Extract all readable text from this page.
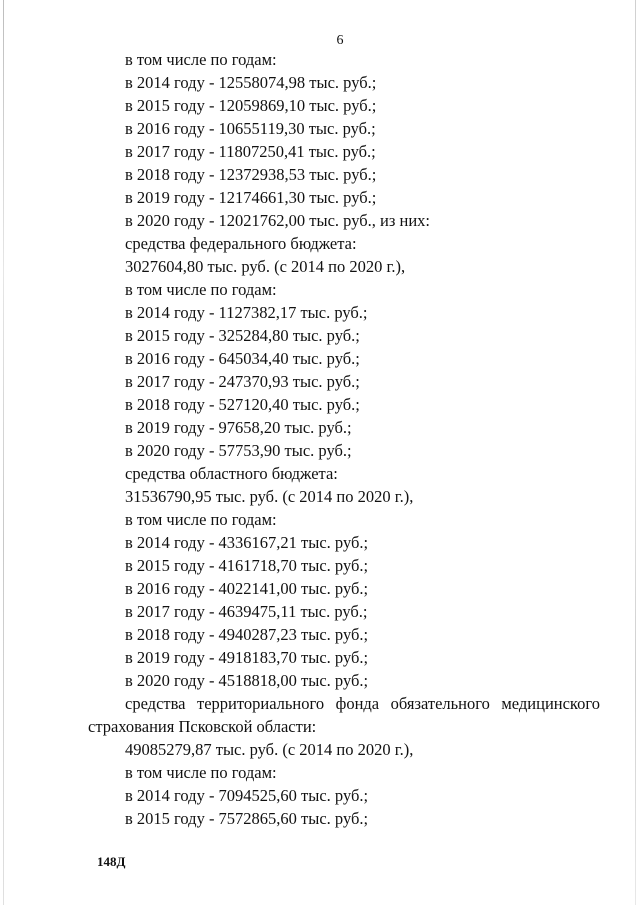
6
в том числе по годам:
в 2014 году - 12558074,98 тыс. руб.;
в 2015 году - 12059869,10 тыс. руб.;
в 2016 году - 10655119,30 тыс. руб.;
в 2017 году - 11807250,41 тыс. руб.;
в 2018 году - 12372938,53 тыс. руб.;
в 2019 году - 12174661,30 тыс. руб.;
в 2020 году - 12021762,00 тыс. руб., из них:
средства федерального бюджета:
3027604,80 тыс. руб. (с 2014 по 2020 г.),
в том числе по годам:
в 2014 году - 1127382,17 тыс. руб.;
в 2015 году - 325284,80 тыс. руб.;
в 2016 году - 645034,40 тыс. руб.;
в 2017 году - 247370,93 тыс. руб.;
в 2018 году - 527120,40 тыс. руб.;
в 2019 году - 97658,20 тыс. руб.;
в 2020 году - 57753,90 тыс. руб.;
средства областного бюджета:
31536790,95 тыс. руб. (с 2014 по 2020 г.),
в том числе по годам:
в 2014 году - 4336167,21 тыс. руб.;
в 2015 году - 4161718,70 тыс. руб.;
в 2016 году - 4022141,00 тыс. руб.;
в 2017 году - 4639475,11 тыс. руб.;
в 2018 году - 4940287,23 тыс. руб.;
в 2019 году - 4918183,70 тыс. руб.;
в 2020 году - 4518818,00 тыс. руб.;
средства территориального фонда обязательного медицинского
страхования Псковской области:
49085279,87 тыс. руб. (с 2014 по 2020 г.),
в том числе по годам:
в 2014 году - 7094525,60 тыс. руб.;
в 2015 году - 7572865,60 тыс. руб.;
148Д
